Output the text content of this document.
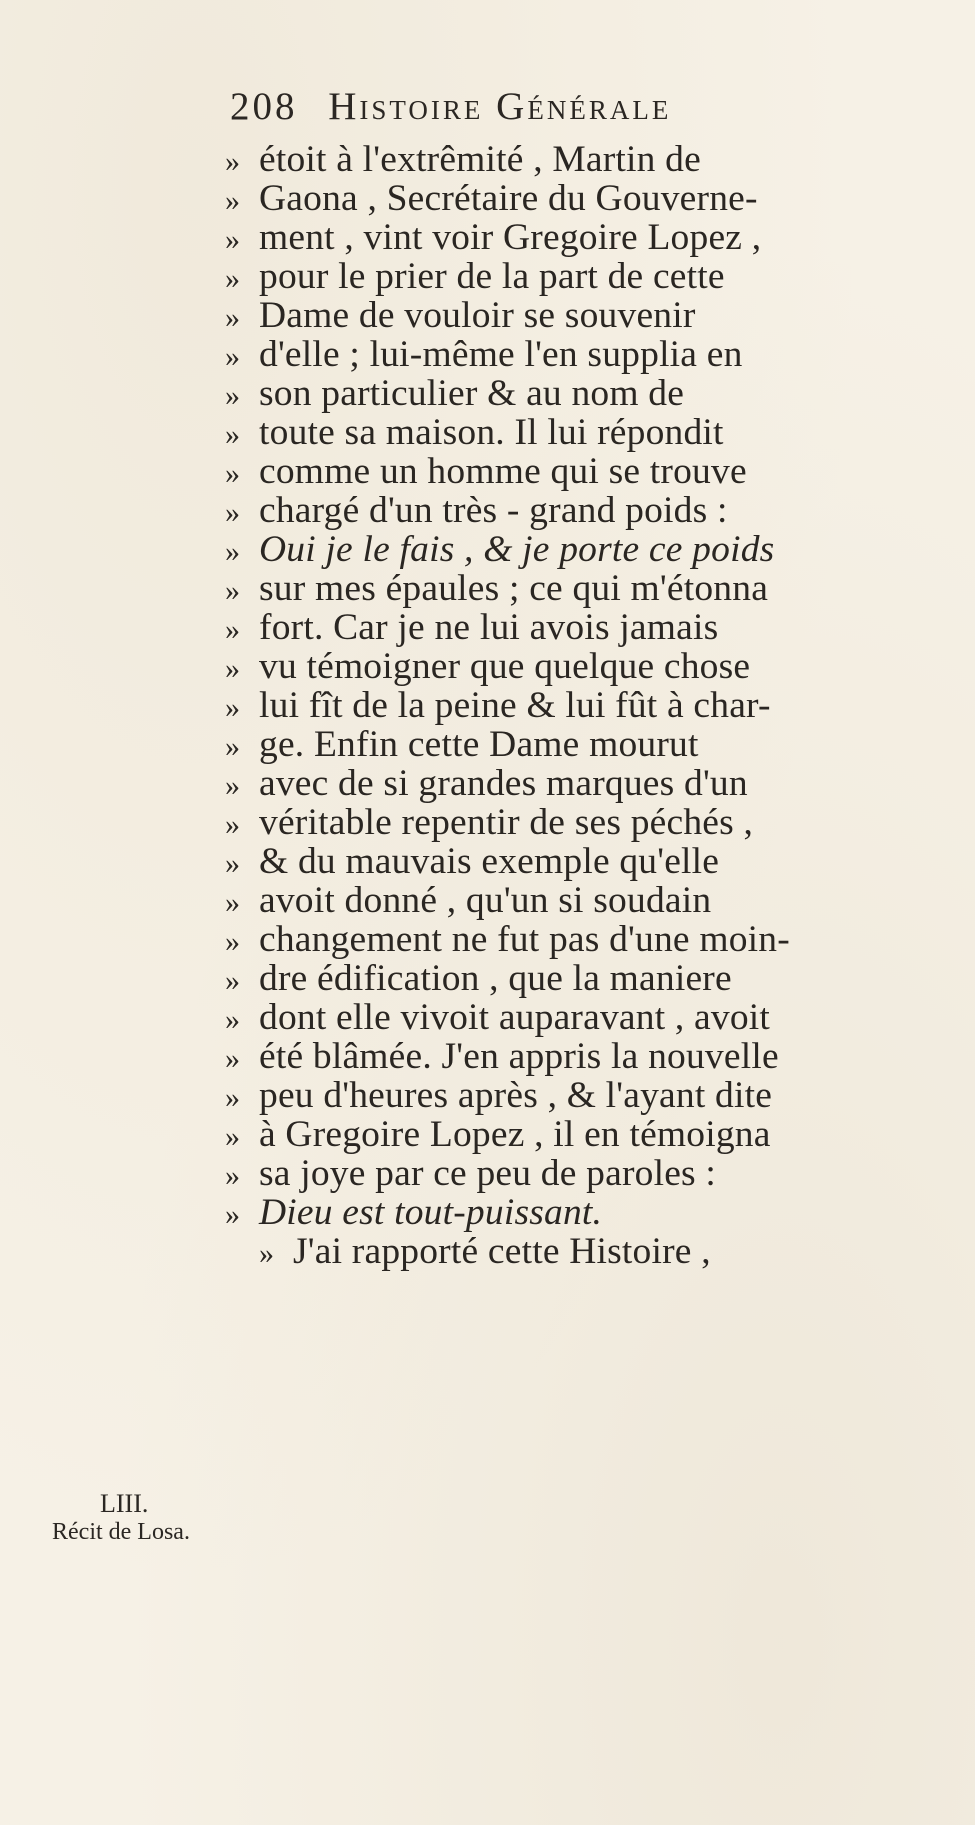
208 Histoire Générale
» étoit à l'extrêmité , Martin de
» Gaona , Secrétaire du Gouverne-
» ment , vint voir Gregoire Lopez ,
» pour le prier de la part de cette
» Dame de vouloir se souvenir
» d'elle ; lui-même l'en supplia en
» son particulier & au nom de
» toute sa maison. Il lui répondit
» comme un homme qui se trouve
» chargé d'un très - grand poids :
» Oui je le fais , & je porte ce poids
» sur mes épaules ; ce qui m'étonna
» fort. Car je ne lui avois jamais
» vu témoigner que quelque chose
» lui fît de la peine & lui fût à char-
» ge. Enfin cette Dame mourut
» avec de si grandes marques d'un
» véritable repentir de ses péchés ,
» & du mauvais exemple qu'elle
» avoit donné , qu'un si soudain
» changement ne fut pas d'une moin-
» dre édification , que la maniere
» dont elle vivoit auparavant , avoit
» été blâmée. J'en appris la nouvelle
» peu d'heures après , & l'ayant dite
» à Gregoire Lopez , il en témoigna
» sa joye par ce peu de paroles :
» Dieu est tout-puissant.
» J'ai rapporté cette Histoire ,
LIII.
Récit de Losa.
